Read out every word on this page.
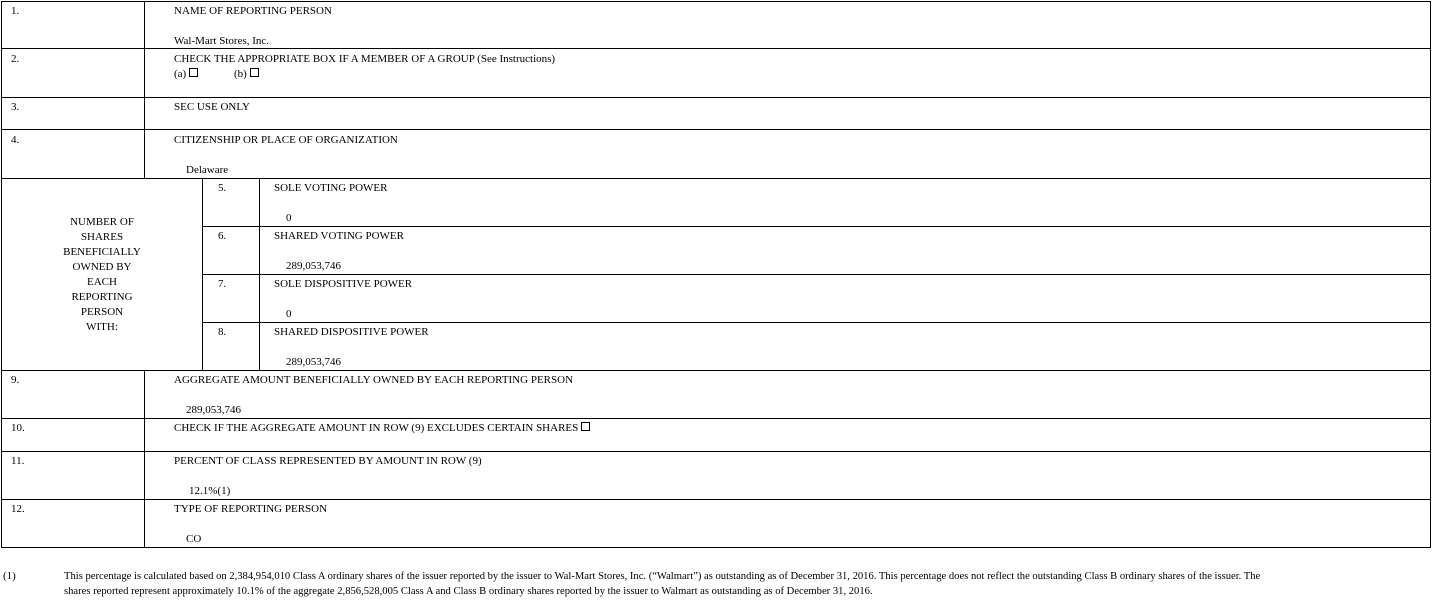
1.	NAME OF REPORTING PERSON
Wal-Mart Stores, Inc.
2.	CHECK THE APPROPRIATE BOX IF A MEMBER OF A GROUP (See Instructions)
(a)	(b)
3.	SEC USE ONLY
4.	CITIZENSHIP OR PLACE OF ORGANIZATION
Delaware
NUMBER OF
SHARES
BENEFICIALLY
OWNED BY
EACH
REPORTING
PERSON
WITH:
5.	SOLE VOTING POWER
0
6.	SHARED VOTING POWER
289,053,746
7.	SOLE DISPOSITIVE POWER
0
8.	SHARED DISPOSITIVE POWER
289,053,746
9.	AGGREGATE AMOUNT BENEFICIALLY OWNED BY EACH REPORTING PERSON
289,053,746
10.	CHECK IF THE AGGREGATE AMOUNT IN ROW (9) EXCLUDES CERTAIN SHARES
11.	PERCENT OF CLASS REPRESENTED BY AMOUNT IN ROW (9)
12.1%(1)
12.	TYPE OF REPORTING PERSON
CO
(1)	This percentage is calculated based on 2,384,954,010 Class A ordinary shares of the issuer reported by the issuer to Wal-Mart Stores, Inc. (“Walmart”) as outstanding as of December 31, 2016. This percentage does not reflect the outstanding Class B ordinary shares of the issuer. The
shares reported represent approximately 10.1% of the aggregate 2,856,528,005 Class A and Class B ordinary shares reported by the issuer to Walmart as outstanding as of December 31, 2016.
